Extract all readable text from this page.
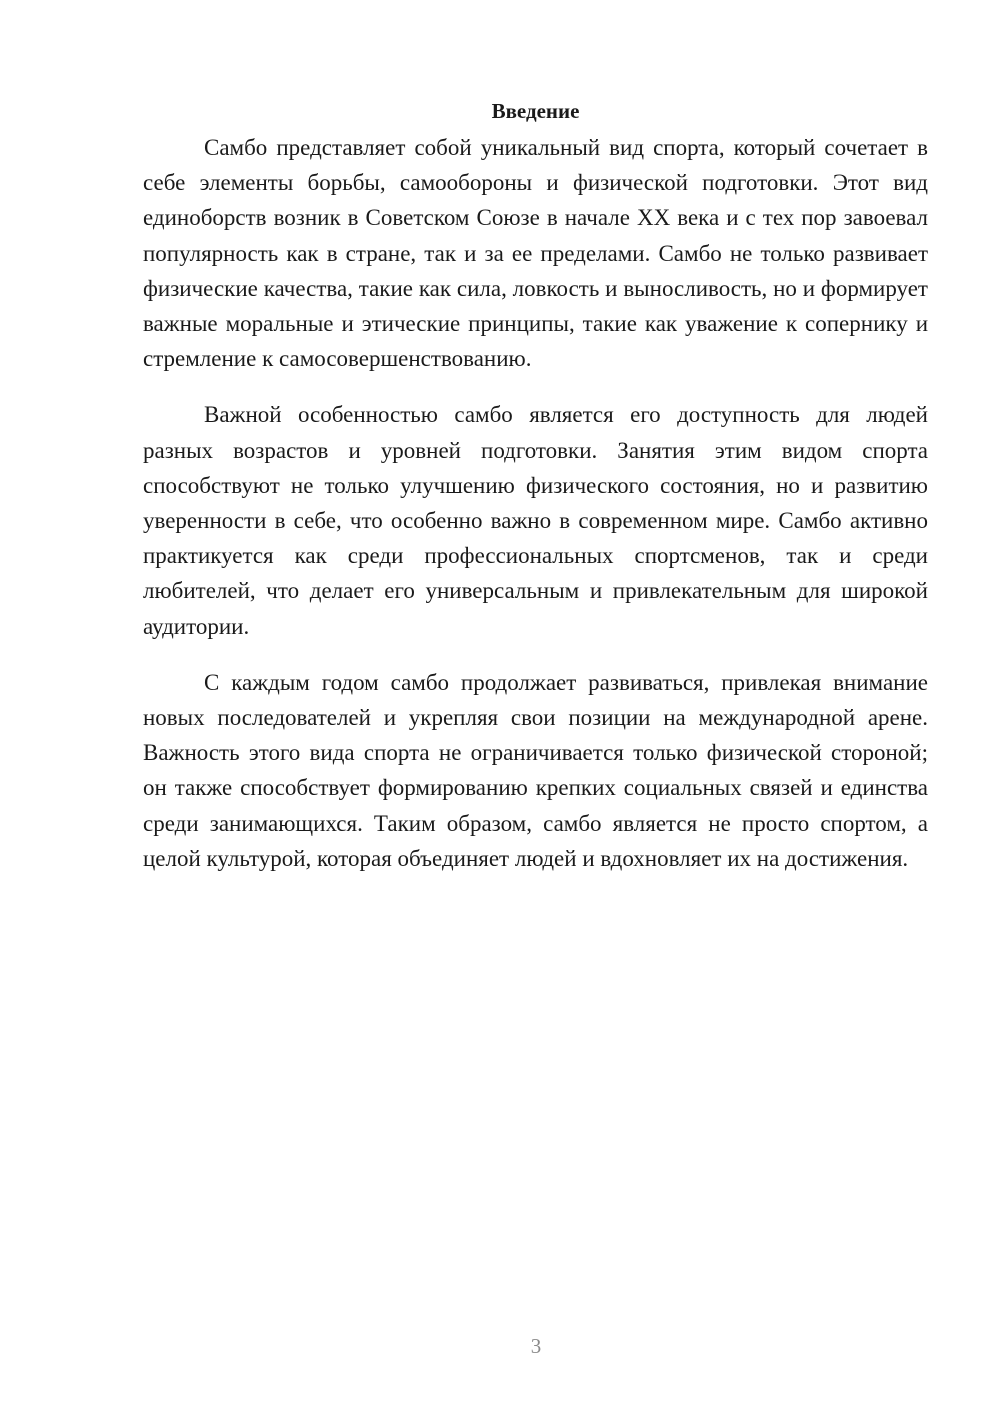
Введение

Самбо представляет собой уникальный вид спорта, который сочетает в себе элементы борьбы, самообороны и физической подготовки. Этот вид единоборств возник в Советском Союзе в начале XX века и с тех пор завоевал популярность как в стране, так и за ее пределами. Самбо не только развивает физические качества, такие как сила, ловкость и выносливость, но и формирует важные моральные и этические принципы, такие как уважение к сопернику и стремление к самосовершенствованию.

Важной особенностью самбо является его доступность для людей разных возрастов и уровней подготовки. Занятия этим видом спорта способствуют не только улучшению физического состояния, но и развитию уверенности в себе, что особенно важно в современном мире. Самбо активно практикуется как среди профессиональных спортсменов, так и среди любителей, что делает его универсальным и привлекательным для широкой аудитории.

С каждым годом самбо продолжает развиваться, привлекая внимание новых последователей и укрепляя свои позиции на международной арене. Важность этого вида спорта не ограничивается только физической стороной; он также способствует формированию крепких социальных связей и единства среди занимающихся. Таким образом, самбо является не просто спортом, а целой культурой, которая объединяет людей и вдохновляет их на достижения.

3
